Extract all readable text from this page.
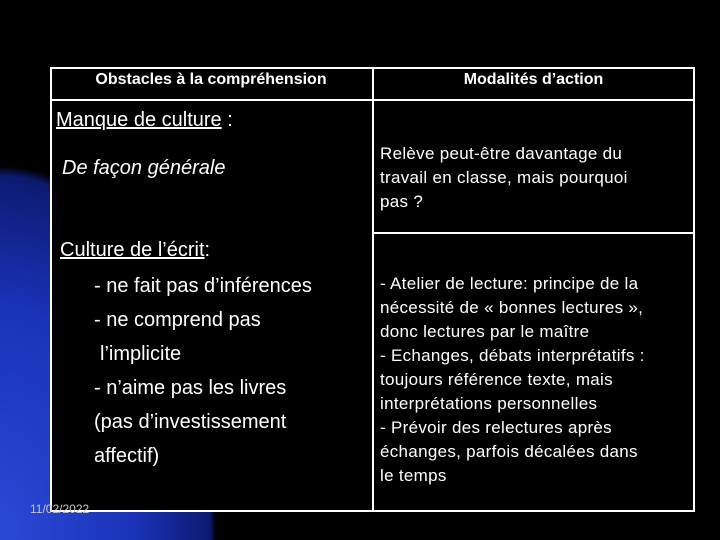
Obstacles à la compréhension	Modalités d’action
Manque de culture :
De façon générale
Relève peut-être davantage du
travail en classe, mais pourquoi
pas ?
Culture de l’écrit:
- ne fait pas d’inférences
- ne comprend pas
l’implicite
- n’aime pas les livres
(pas d’investissement
affectif)
- Atelier de lecture: principe de la
nécessité de « bonnes lectures »,
donc lectures par le maître
- Echanges, débats interprétatifs :
toujours référence texte, mais
interprétations personnelles
- Prévoir des relectures après
échanges, parfois décalées dans
le temps
11/02/2022
